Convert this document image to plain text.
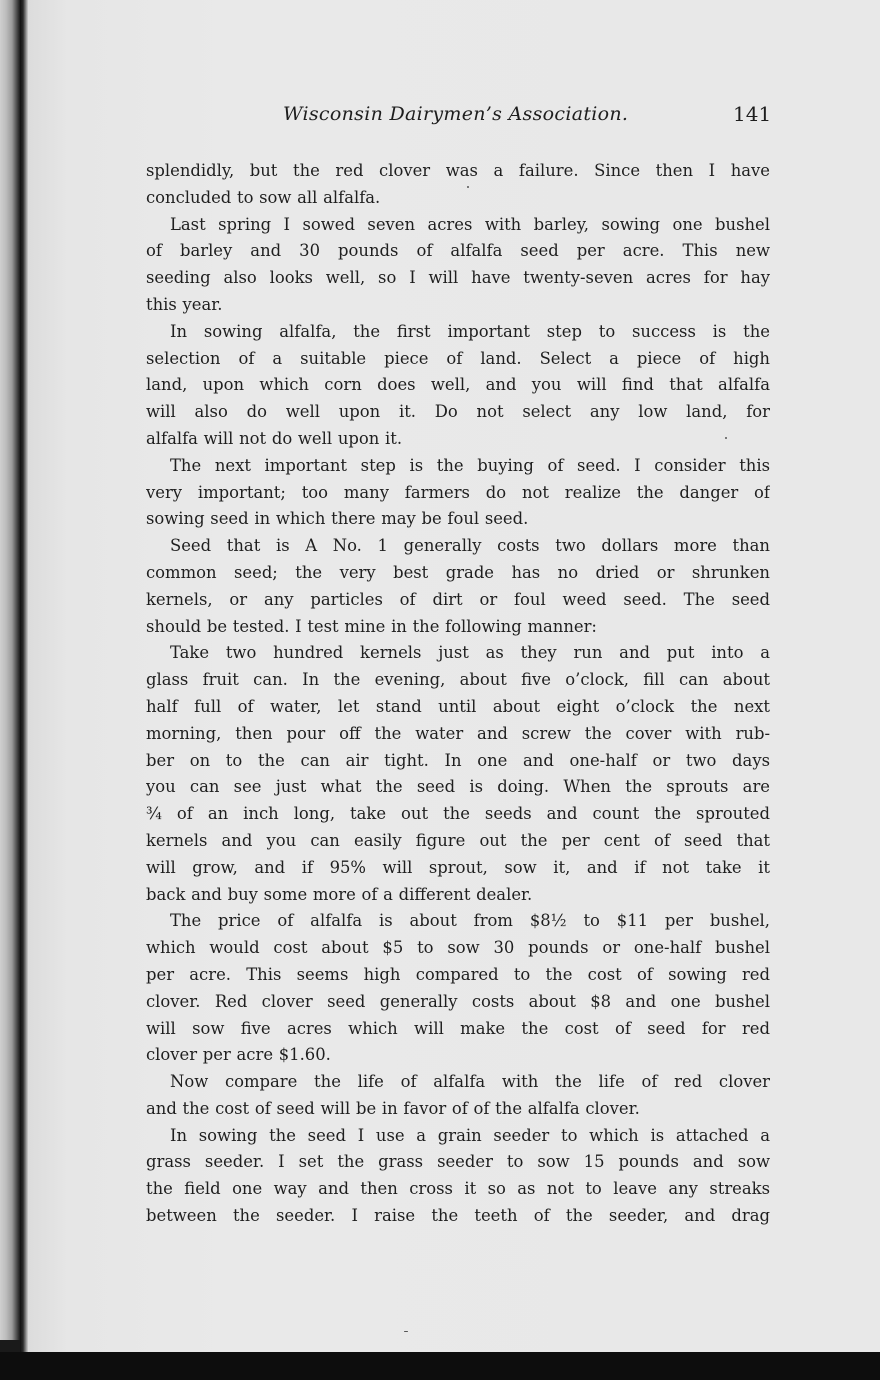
Wisconsin Dairymen’s Association.	141
splendidly, but the red clover was a failure. Since then I have
concluded to sow all alfalfa.
Last spring I sowed seven acres with barley, sowing one bushel
of barley and 30 pounds of alfalfa seed per acre. This new
seeding also looks well, so I will have twenty-seven acres for hay
this year.
In sowing alfalfa, the first important step to success is the
selection of a suitable piece of land. Select a piece of high
land, upon which corn does well, and you will find that alfalfa
will also do well upon it. Do not select any low land, for
alfalfa will not do well upon it.
The next important step is the buying of seed. I consider this
very important; too many farmers do not realize the danger of
sowing seed in which there may be foul seed.
Seed that is A No. 1 generally costs two dollars more than
common seed; the very best grade has no dried or shrunken
kernels, or any particles of dirt or foul weed seed. The seed
should be tested. I test mine in the following manner:
Take two hundred kernels just as they run and put into a
glass fruit can. In the evening, about five o’clock, fill can about
half full of water, let stand until about eight o’clock the next
morning, then pour off the water and screw the cover with rub-
ber on to the can air tight. In one and one-half or two days
you can see just what the seed is doing. When the sprouts are
¾ of an inch long, take out the seeds and count the sprouted
kernels and you can easily figure out the per cent of seed that
will grow, and if 95% will sprout, sow it, and if not take it
back and buy some more of a different dealer.
The price of alfalfa is about from $8½ to $11 per bushel,
which would cost about $5 to sow 30 pounds or one-half bushel
per acre. This seems high compared to the cost of sowing red
clover. Red clover seed generally costs about $8 and one bushel
will sow five acres which will make the cost of seed for red
clover per acre $1.60.
Now compare the life of alfalfa with the life of red clover
and the cost of seed will be in favor of of the alfalfa clover.
In sowing the seed I use a grain seeder to which is attached a
grass seeder. I set the grass seeder to sow 15 pounds and sow
the field one way and then cross it so as not to leave any streaks
between the seeder. I raise the teeth of the seeder, and drag
